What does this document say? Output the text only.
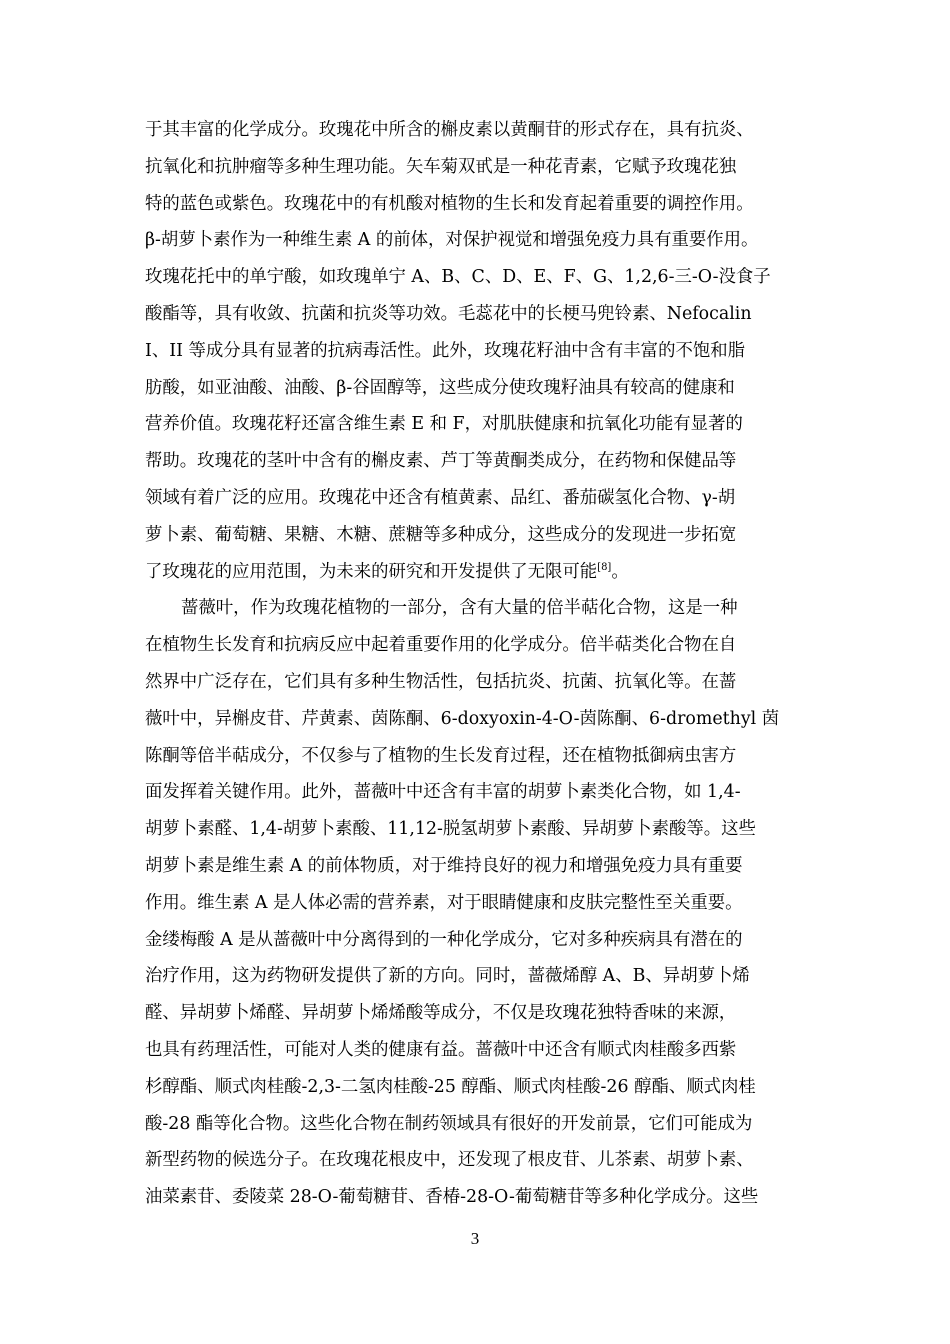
于其丰富的化学成分。玫瑰花中所含的槲皮素以黄酮苷的形式存在，具有抗炎、
抗氧化和抗肿瘤等多种生理功能。矢车菊双甙是一种花青素，它赋予玫瑰花独
特的蓝色或紫色。玫瑰花中的有机酸对植物的生长和发育起着重要的调控作用。
β-胡萝卜素作为一种维生素 A 的前体，对保护视觉和增强免疫力具有重要作用。
玫瑰花托中的单宁酸，如玫瑰单宁 A、B、C、D、E、F、G、1,2,6-三-O-没食子
酸酯等，具有收敛、抗菌和抗炎等功效。毛蕊花中的长梗马兜铃素、Nefocalin
I、II 等成分具有显著的抗病毒活性。此外，玫瑰花籽油中含有丰富的不饱和脂
肪酸，如亚油酸、油酸、β-谷固醇等，这些成分使玫瑰籽油具有较高的健康和
营养价值。玫瑰花籽还富含维生素 E 和 F，对肌肤健康和抗氧化功能有显著的
帮助。玫瑰花的茎叶中含有的槲皮素、芦丁等黄酮类成分，在药物和保健品等
领域有着广泛的应用。玫瑰花中还含有植黄素、品红、番茄碳氢化合物、γ-胡
萝卜素、葡萄糖、果糖、木糖、蔗糖等多种成分，这些成分的发现进一步拓宽
了玫瑰花的应用范围，为未来的研究和开发提供了无限可能[8]。
蔷薇叶，作为玫瑰花植物的一部分，含有大量的倍半萜化合物，这是一种
在植物生长发育和抗病反应中起着重要作用的化学成分。倍半萜类化合物在自
然界中广泛存在，它们具有多种生物活性，包括抗炎、抗菌、抗氧化等。在蔷
薇叶中，异槲皮苷、芹黄素、茵陈酮、6-doxyoxin-4-O-茵陈酮、6-dromethyl 茵
陈酮等倍半萜成分，不仅参与了植物的生长发育过程，还在植物抵御病虫害方
面发挥着关键作用。此外，蔷薇叶中还含有丰富的胡萝卜素类化合物，如 1,4-
胡萝卜素醛、1,4-胡萝卜素酸、11,12-脱氢胡萝卜素酸、异胡萝卜素酸等。这些
胡萝卜素是维生素 A 的前体物质，对于维持良好的视力和增强免疫力具有重要
作用。维生素 A 是人体必需的营养素，对于眼睛健康和皮肤完整性至关重要。
金缕梅酸 A 是从蔷薇叶中分离得到的一种化学成分，它对多种疾病具有潜在的
治疗作用，这为药物研发提供了新的方向。同时，蔷薇烯醇 A、B、异胡萝卜烯
醛、异胡萝卜烯醛、异胡萝卜烯烯酸等成分，不仅是玫瑰花独特香味的来源，
也具有药理活性，可能对人类的健康有益。蔷薇叶中还含有顺式肉桂酸多西紫
杉醇酯、顺式肉桂酸-2,3-二氢肉桂酸-25 醇酯、顺式肉桂酸-26 醇酯、顺式肉桂
酸-28 酯等化合物。这些化合物在制药领域具有很好的开发前景，它们可能成为
新型药物的候选分子。在玫瑰花根皮中，还发现了根皮苷、儿茶素、胡萝卜素、
油菜素苷、委陵菜 28-O-葡萄糖苷、香椿-28-O-葡萄糖苷等多种化学成分。这些
3
